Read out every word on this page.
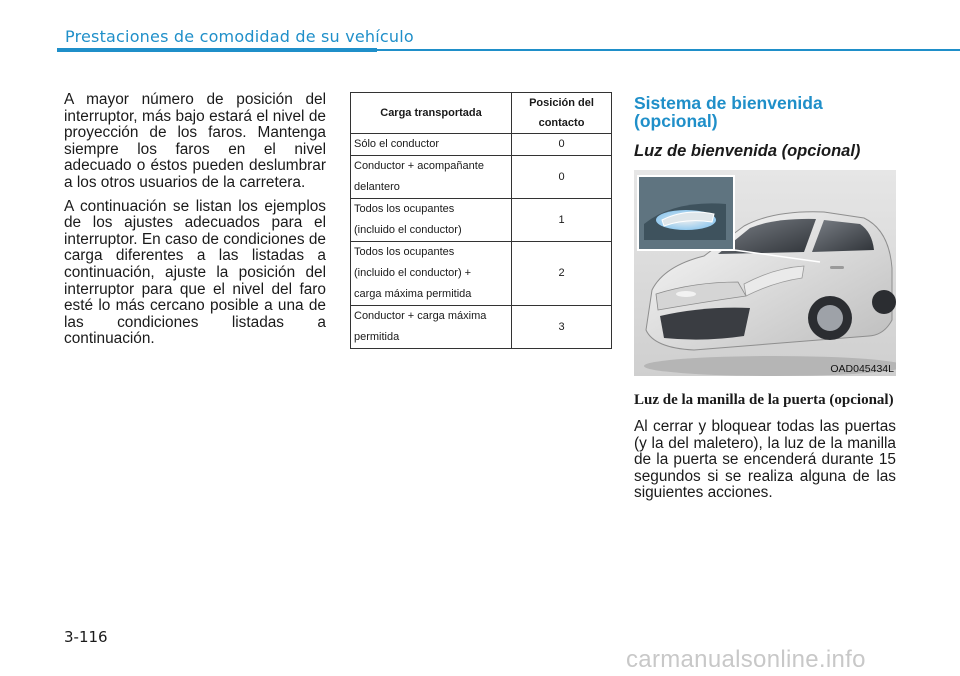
Prestaciones de comodidad de su vehículo

A mayor número de posición del interruptor, más bajo estará el nivel de proyección de los faros. Mantenga siempre los faros en el nivel adecuado o éstos pueden deslumbrar a los otros usuarios de la carretera.

A continuación se listan los ejemplos de los ajustes adecuados para el interruptor. En caso de condiciones de carga diferentes a las listadas a continuación, ajuste la posición del interruptor para que el nivel del faro esté lo más cercano posible a una de las condiciones listadas a continuación.

Carga transportada	Posición del contacto

Sólo el conductor	0

Conductor + acompañante
delantero	0

Todos los ocupantes
(incluido el conductor)	1

Todos los ocupantes
(incluido el conductor) +
carga máxima permitida	2

Conductor + carga máxima
permitida	3
Sistema de bienvenida (opcional)
Luz de bienvenida (opcional)
OAD045434L
Luz de la manilla de la puerta (opcional)

Al cerrar y bloquear todas las puertas (y la del maletero), la luz de la manilla de la puerta se encenderá durante 15 segundos si se realiza alguna de las siguientes acciones.

3-116
carmanualsonline.info
